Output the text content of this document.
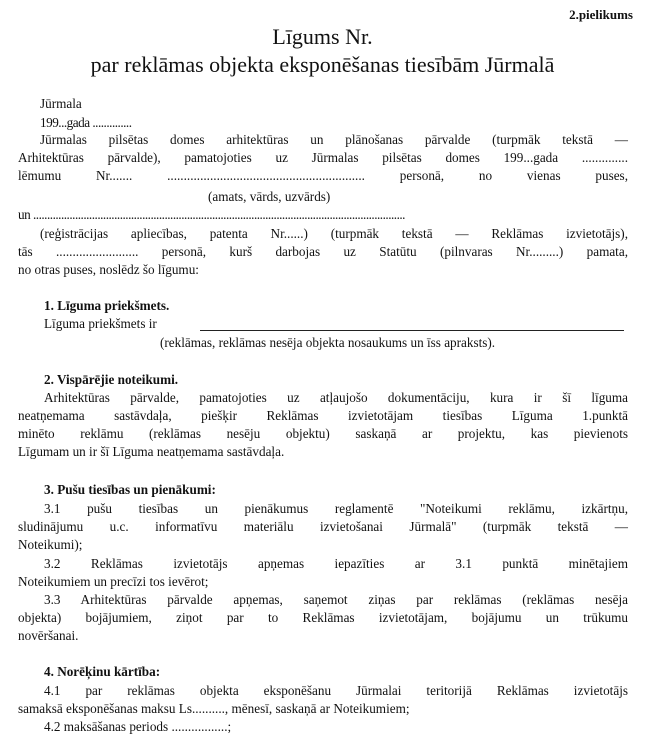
2.pielikums
Līgums Nr.
par reklāmas objekta eksponēšanas tiesībām Jūrmalā
Jūrmala
199...gada ..............
Jūrmalas pilsētas domes arhitektūras un plānošanas pārvalde (turpmāk tekstā —
Arhitektūras pārvalde), pamatojoties uz Jūrmalas pilsētas domes 199...gada ..............
lēmumu Nr....... ............................................................ personā, no vienas puses,
(amats, vārds, uzvārds)
un .....................................................................................................................................
(reģistrācijas apliecības, patenta Nr......) (turpmāk tekstā — Reklāmas izvietotājs),
tās ......................... personā, kurš darbojas uz Statūtu (pilnvaras Nr.........) pamata,
no otras puses, noslēdz šo līgumu:
1. Līguma priekšmets.
Līguma priekšmets ir
(reklāmas, reklāmas nesēja objekta nosaukums un īss apraksts).
2. Vispārējie noteikumi.
Arhitektūras pārvalde, pamatojoties uz atļaujošo dokumentāciju, kura ir šī līguma
neatņemama sastāvdaļa, piešķir Reklāmas izvietotājam tiesības Līguma 1.punktā
minēto reklāmu (reklāmas nesēju objektu) saskaņā ar projektu, kas pievienots
Līgumam un ir šī Līguma neatņemama sastāvdaļa.
3. Pušu tiesības un pienākumi:
3.1 pušu tiesības un pienākumus reglamentē "Noteikumi reklāmu, izkārtņu,
sludinājumu u.c. informatīvu materiālu izvietošanai Jūrmalā" (turpmāk tekstā —
Noteikumi);
3.2 Reklāmas izvietotājs apņemas iepazīties ar 3.1 punktā minētajiem
Noteikumiem un precīzi tos ievērot;
3.3 Arhitektūras pārvalde apņemas, saņemot ziņas par reklāmas (reklāmas nesēja
objekta) bojājumiem, ziņot par to Reklāmas izvietotājam, bojājumu un trūkumu
novēršanai.
4. Norēķinu kārtība:
4.1 par reklāmas objekta eksponēšanu Jūrmalai teritorijā Reklāmas izvietotājs
samaksā eksponēšanas maksu Ls.........., mēnesī, saskaņā ar Noteikumiem;
4.2 maksāšanas periods .................;
